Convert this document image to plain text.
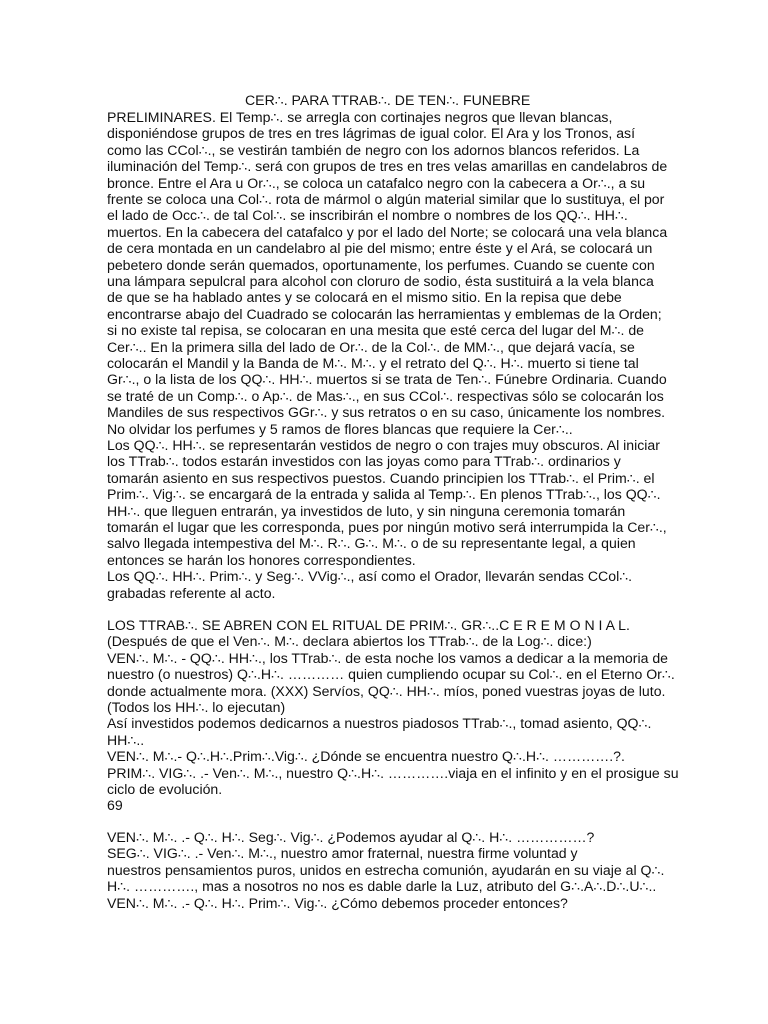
CER∴. PARA TTRAB∴. DE TEN∴. FUNEBRE
PRELIMINARES. El Temp∴. se arregla con cortinajes negros que llevan blancas,
disponiéndose grupos de tres en tres lágrimas de igual color. El Ara y los Tronos, así
como las CCol∴., se vestirán también de negro con los adornos blancos referidos. La
iluminación del Temp∴. será con grupos de tres en tres velas amarillas en candelabros de
bronce. Entre el Ara u Or∴., se coloca un catafalco negro con la cabecera a Or∴., a su
frente se coloca una Col∴. rota de mármol o algún material similar que lo sustituya, el por
el lado de Occ∴. de tal Col∴. se inscribirán el nombre o nombres de los QQ∴. HH∴.
muertos. En la cabecera del catafalco y por el lado del Norte; se colocará una vela blanca
de cera montada en un candelabro al pie del mismo; entre éste y el Ará, se colocará un
pebetero donde serán quemados, oportunamente, los perfumes. Cuando se cuente con
una lámpara sepulcral para alcohol con cloruro de sodio, ésta sustituirá a la vela blanca
de que se ha hablado antes y se colocará en el mismo sitio. En la repisa que debe
encontrarse abajo del Cuadrado se colocarán las herramientas y emblemas de la Orden;
si no existe tal repisa, se colocaran en una mesita que esté cerca del lugar del M∴. de
Cer∴.. En la primera silla del lado de Or∴. de la Col∴. de MM∴., que dejará vacía, se
colocarán el Mandil y la Banda de M∴. M∴. y el retrato del Q∴. H∴. muerto si tiene tal
Gr∴., o la lista de los QQ∴. HH∴. muertos si se trata de Ten∴. Fúnebre Ordinaria. Cuando
se traté de un Comp∴. o Ap∴. de Mas∴., en sus CCol∴. respectivas sólo se colocarán los
Mandiles de sus respectivos GGr∴. y sus retratos o en su caso, únicamente los nombres.
No olvidar los perfumes y 5 ramos de flores blancas que requiere la Cer∴..
Los QQ∴. HH∴. se representarán vestidos de negro o con trajes muy obscuros. Al iniciar
los TTrab∴. todos estarán investidos con las joyas como para TTrab∴. ordinarios y
tomarán asiento en sus respectivos puestos. Cuando principien los TTrab∴. el Prim∴. el
Prim∴. Vig∴. se encargará de la entrada y salida al Temp∴. En plenos TTrab∴., los QQ∴.
HH∴. que lleguen entrarán, ya investidos de luto, y sin ninguna ceremonia tomarán
tomarán el lugar que les corresponda, pues por ningún motivo será interrumpida la Cer∴.,
salvo llegada intempestiva del M∴. R∴. G∴. M∴. o de su representante legal, a quien
entonces se harán los honores correspondientes.
Los QQ∴. HH∴. Prim∴. y Seg∴. VVig∴., así como el Orador, llevarán sendas CCol∴.
grabadas referente al acto.
LOS TTRAB∴. SE ABREN CON EL RITUAL DE PRIM∴. GR∴..C E R E M O N I A L.
(Después de que el Ven∴. M∴. declara abiertos los TTrab∴. de la Log∴. dice:)
VEN∴. M∴. - QQ∴. HH∴., los TTrab∴. de esta noche los vamos a dedicar a la memoria de
nuestro (o nuestros) Q∴.H∴. ………… quien cumpliendo ocupar su Col∴. en el Eterno Or∴.
donde actualmente mora. (XXX) Servíos, QQ∴. HH∴. míos, poned vuestras joyas de luto.
(Todos los HH∴. lo ejecutan)
Así investidos podemos dedicarnos a nuestros piadosos TTrab∴., tomad asiento, QQ∴.
HH∴..
VEN∴. M∴.- Q∴.H∴.Prim∴.Vig∴. ¿Dónde se encuentra nuestro Q∴.H∴. ………….?.
PRIM∴. VIG∴. .- Ven∴. M∴., nuestro Q∴.H∴. ………….viaja en el infinito y en el prosigue su
ciclo de evolución.
69
VEN∴. M∴. .- Q∴. H∴. Seg∴. Vig∴. ¿Podemos ayudar al Q∴. H∴. ……………?
SEG∴. VIG∴. .- Ven∴. M∴., nuestro amor fraternal, nuestra firme voluntad y
nuestros pensamientos puros, unidos en estrecha comunión, ayudarán en su viaje al Q∴.
H∴. …………., mas a nosotros no nos es dable darle la Luz, atributo del G∴.A∴.D∴.U∴..
VEN∴. M∴. .- Q∴. H∴. Prim∴. Vig∴. ¿Cómo debemos proceder entonces?
